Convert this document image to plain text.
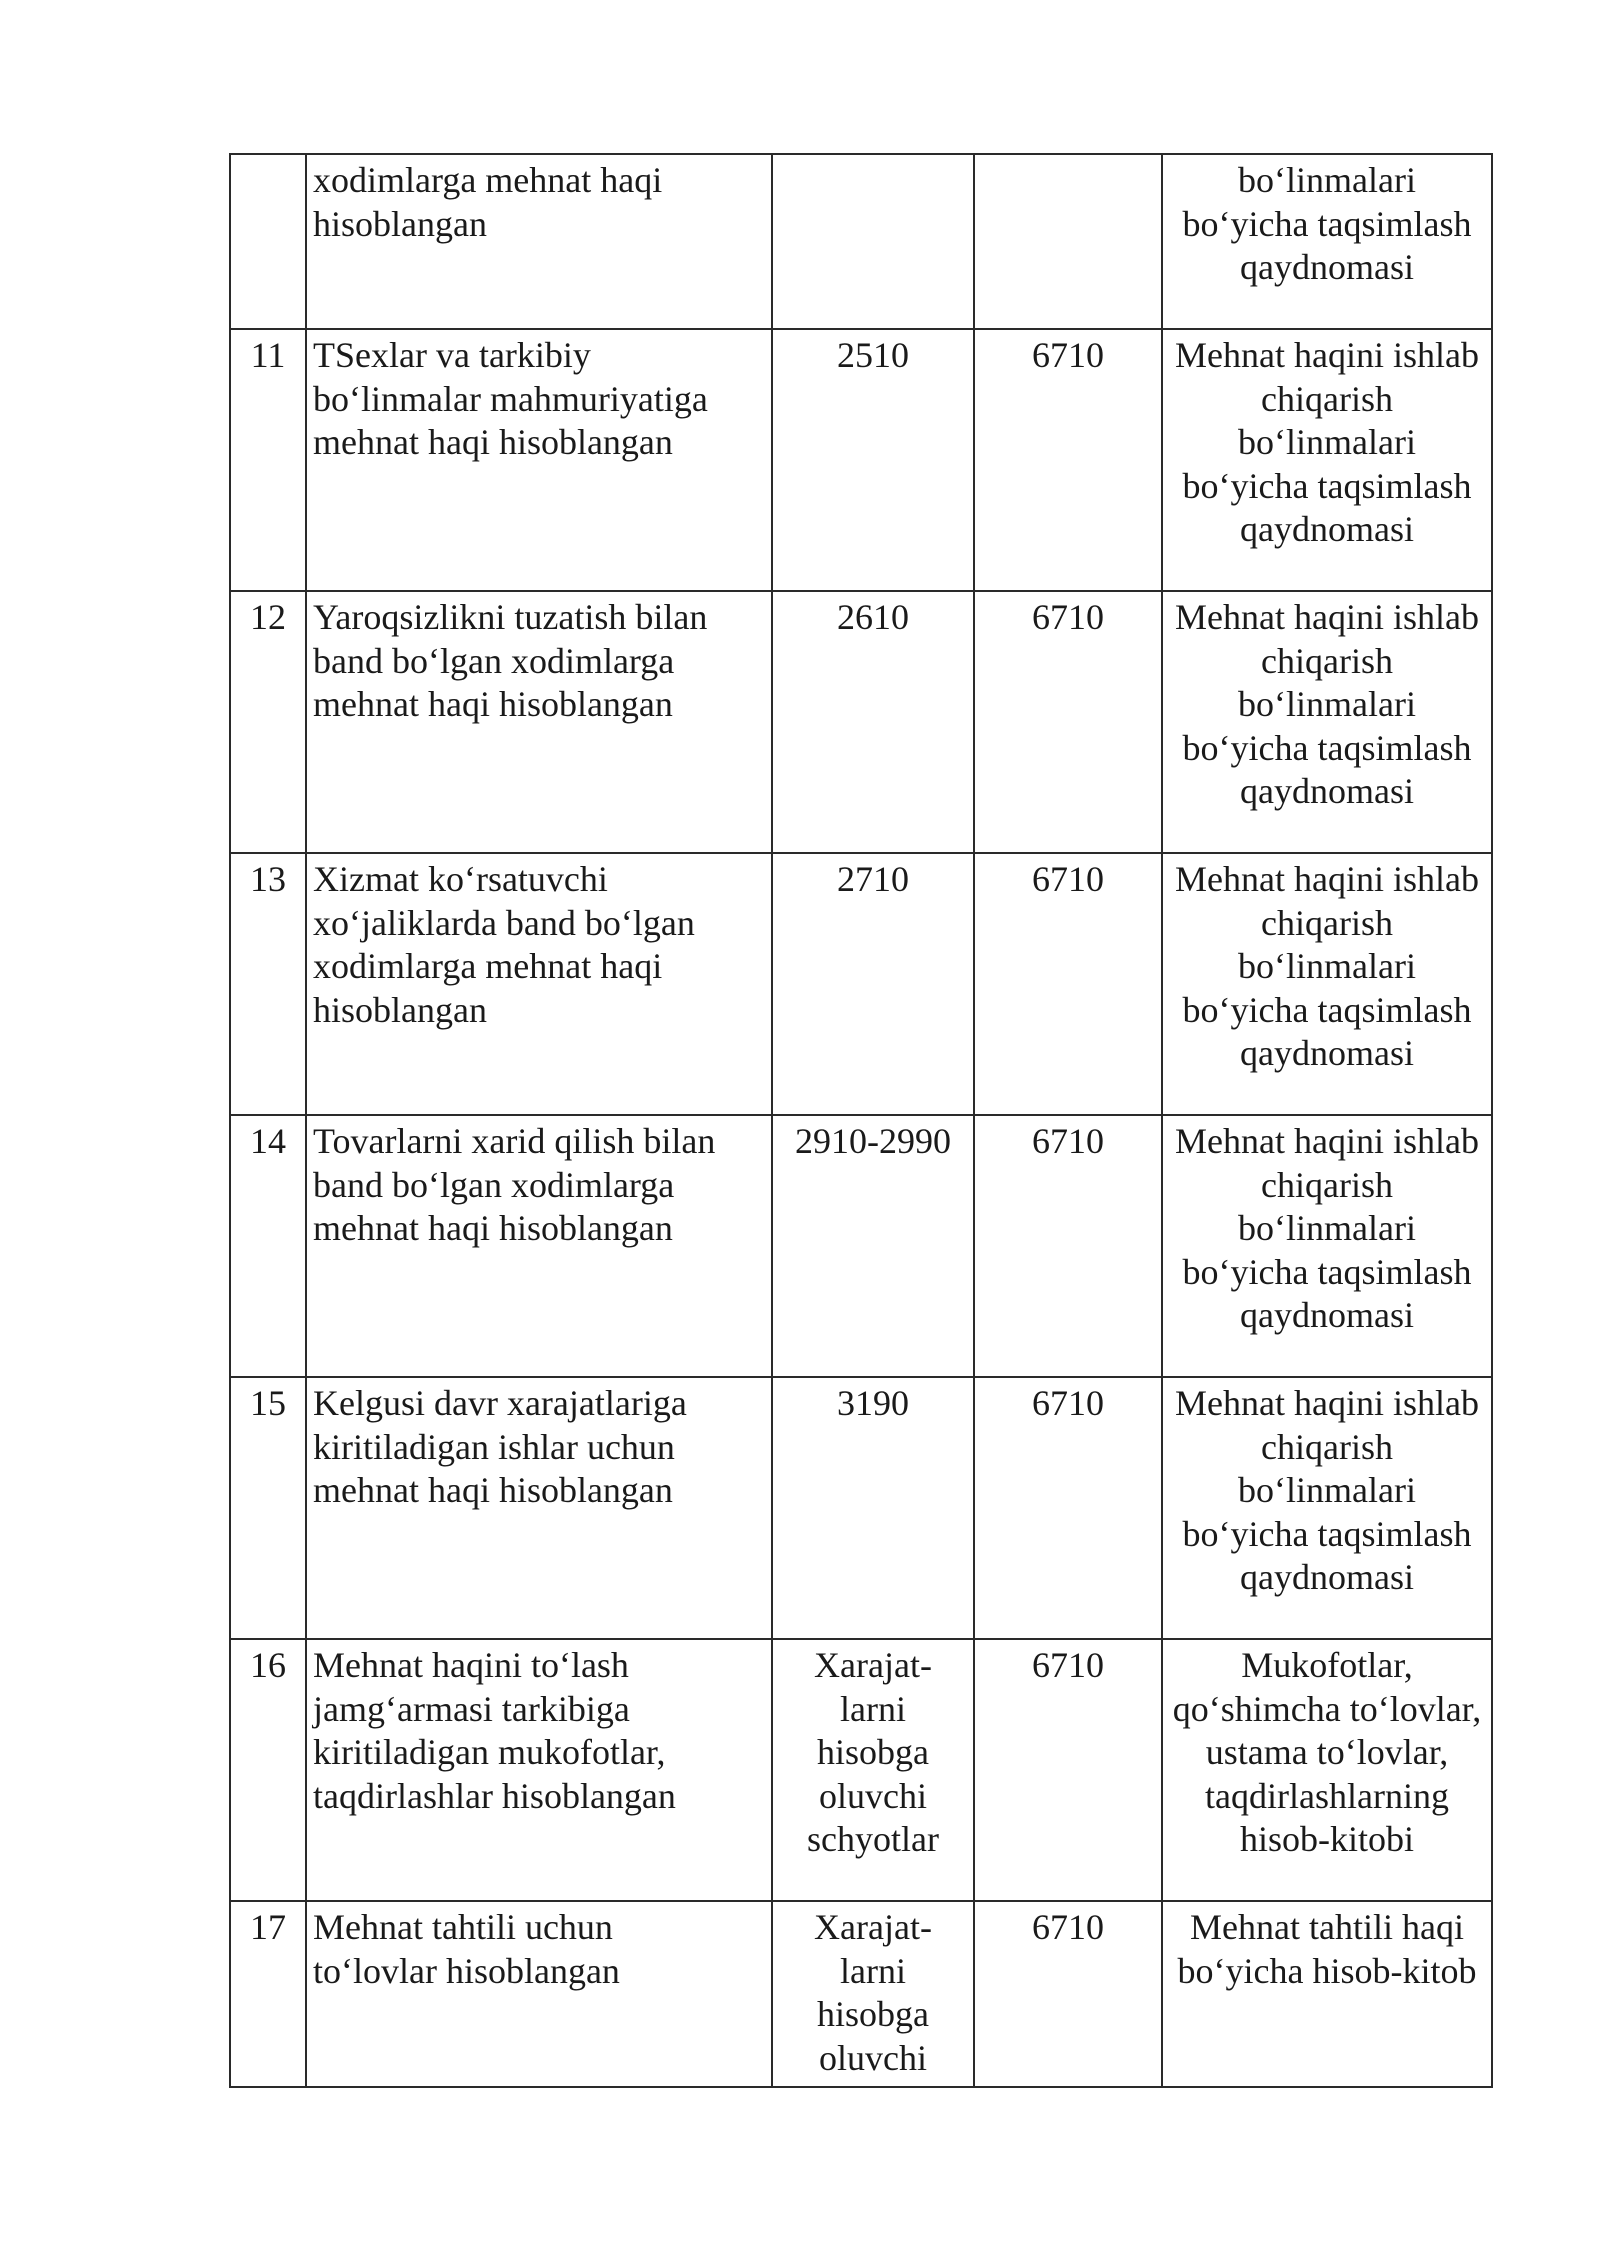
	xodimlarga mehnat haqi
hisoblangan			bo‘linmalari
bo‘yicha taqsimlash
qaydnomasi

11	TSexlar va tarkibiy
bo‘linmalar mahmuriyatiga
mehnat haqi hisoblangan	2510	6710	Mehnat haqini ishlab
chiqarish
bo‘linmalari
bo‘yicha taqsimlash
qaydnomasi

12	Yaroqsizlikni tuzatish bilan
band bo‘lgan xodimlarga
mehnat haqi hisoblangan	2610	6710	Mehnat haqini ishlab
chiqarish
bo‘linmalari
bo‘yicha taqsimlash
qaydnomasi

13	Xizmat ko‘rsatuvchi
xo‘jaliklarda band bo‘lgan
xodimlarga mehnat haqi
hisoblangan	2710	6710	Mehnat haqini ishlab
chiqarish
bo‘linmalari
bo‘yicha taqsimlash
qaydnomasi

14	Tovarlarni xarid qilish bilan
band bo‘lgan xodimlarga
mehnat haqi hisoblangan	2910-2990	6710	Mehnat haqini ishlab
chiqarish
bo‘linmalari
bo‘yicha taqsimlash
qaydnomasi

15	Kelgusi davr xarajatlariga
kiritiladigan ishlar uchun
mehnat haqi hisoblangan	3190	6710	Mehnat haqini ishlab
chiqarish
bo‘linmalari
bo‘yicha taqsimlash
qaydnomasi

16	Mehnat haqini to‘lash
jamg‘armasi tarkibiga
kiritiladigan mukofotlar,
taqdirlashlar hisoblangan	Xarajat-
larni
hisobga
oluvchi
schyotlar	6710	Mukofotlar,
qo‘shimcha to‘lovlar,
ustama to‘lovlar,
taqdirlashlarning
hisob-kitobi

17	Mehnat tahtili uchun
to‘lovlar hisoblangan	Xarajat-
larni
hisobga
oluvchi	6710	Mehnat tahtili haqi
bo‘yicha hisob-kitob
